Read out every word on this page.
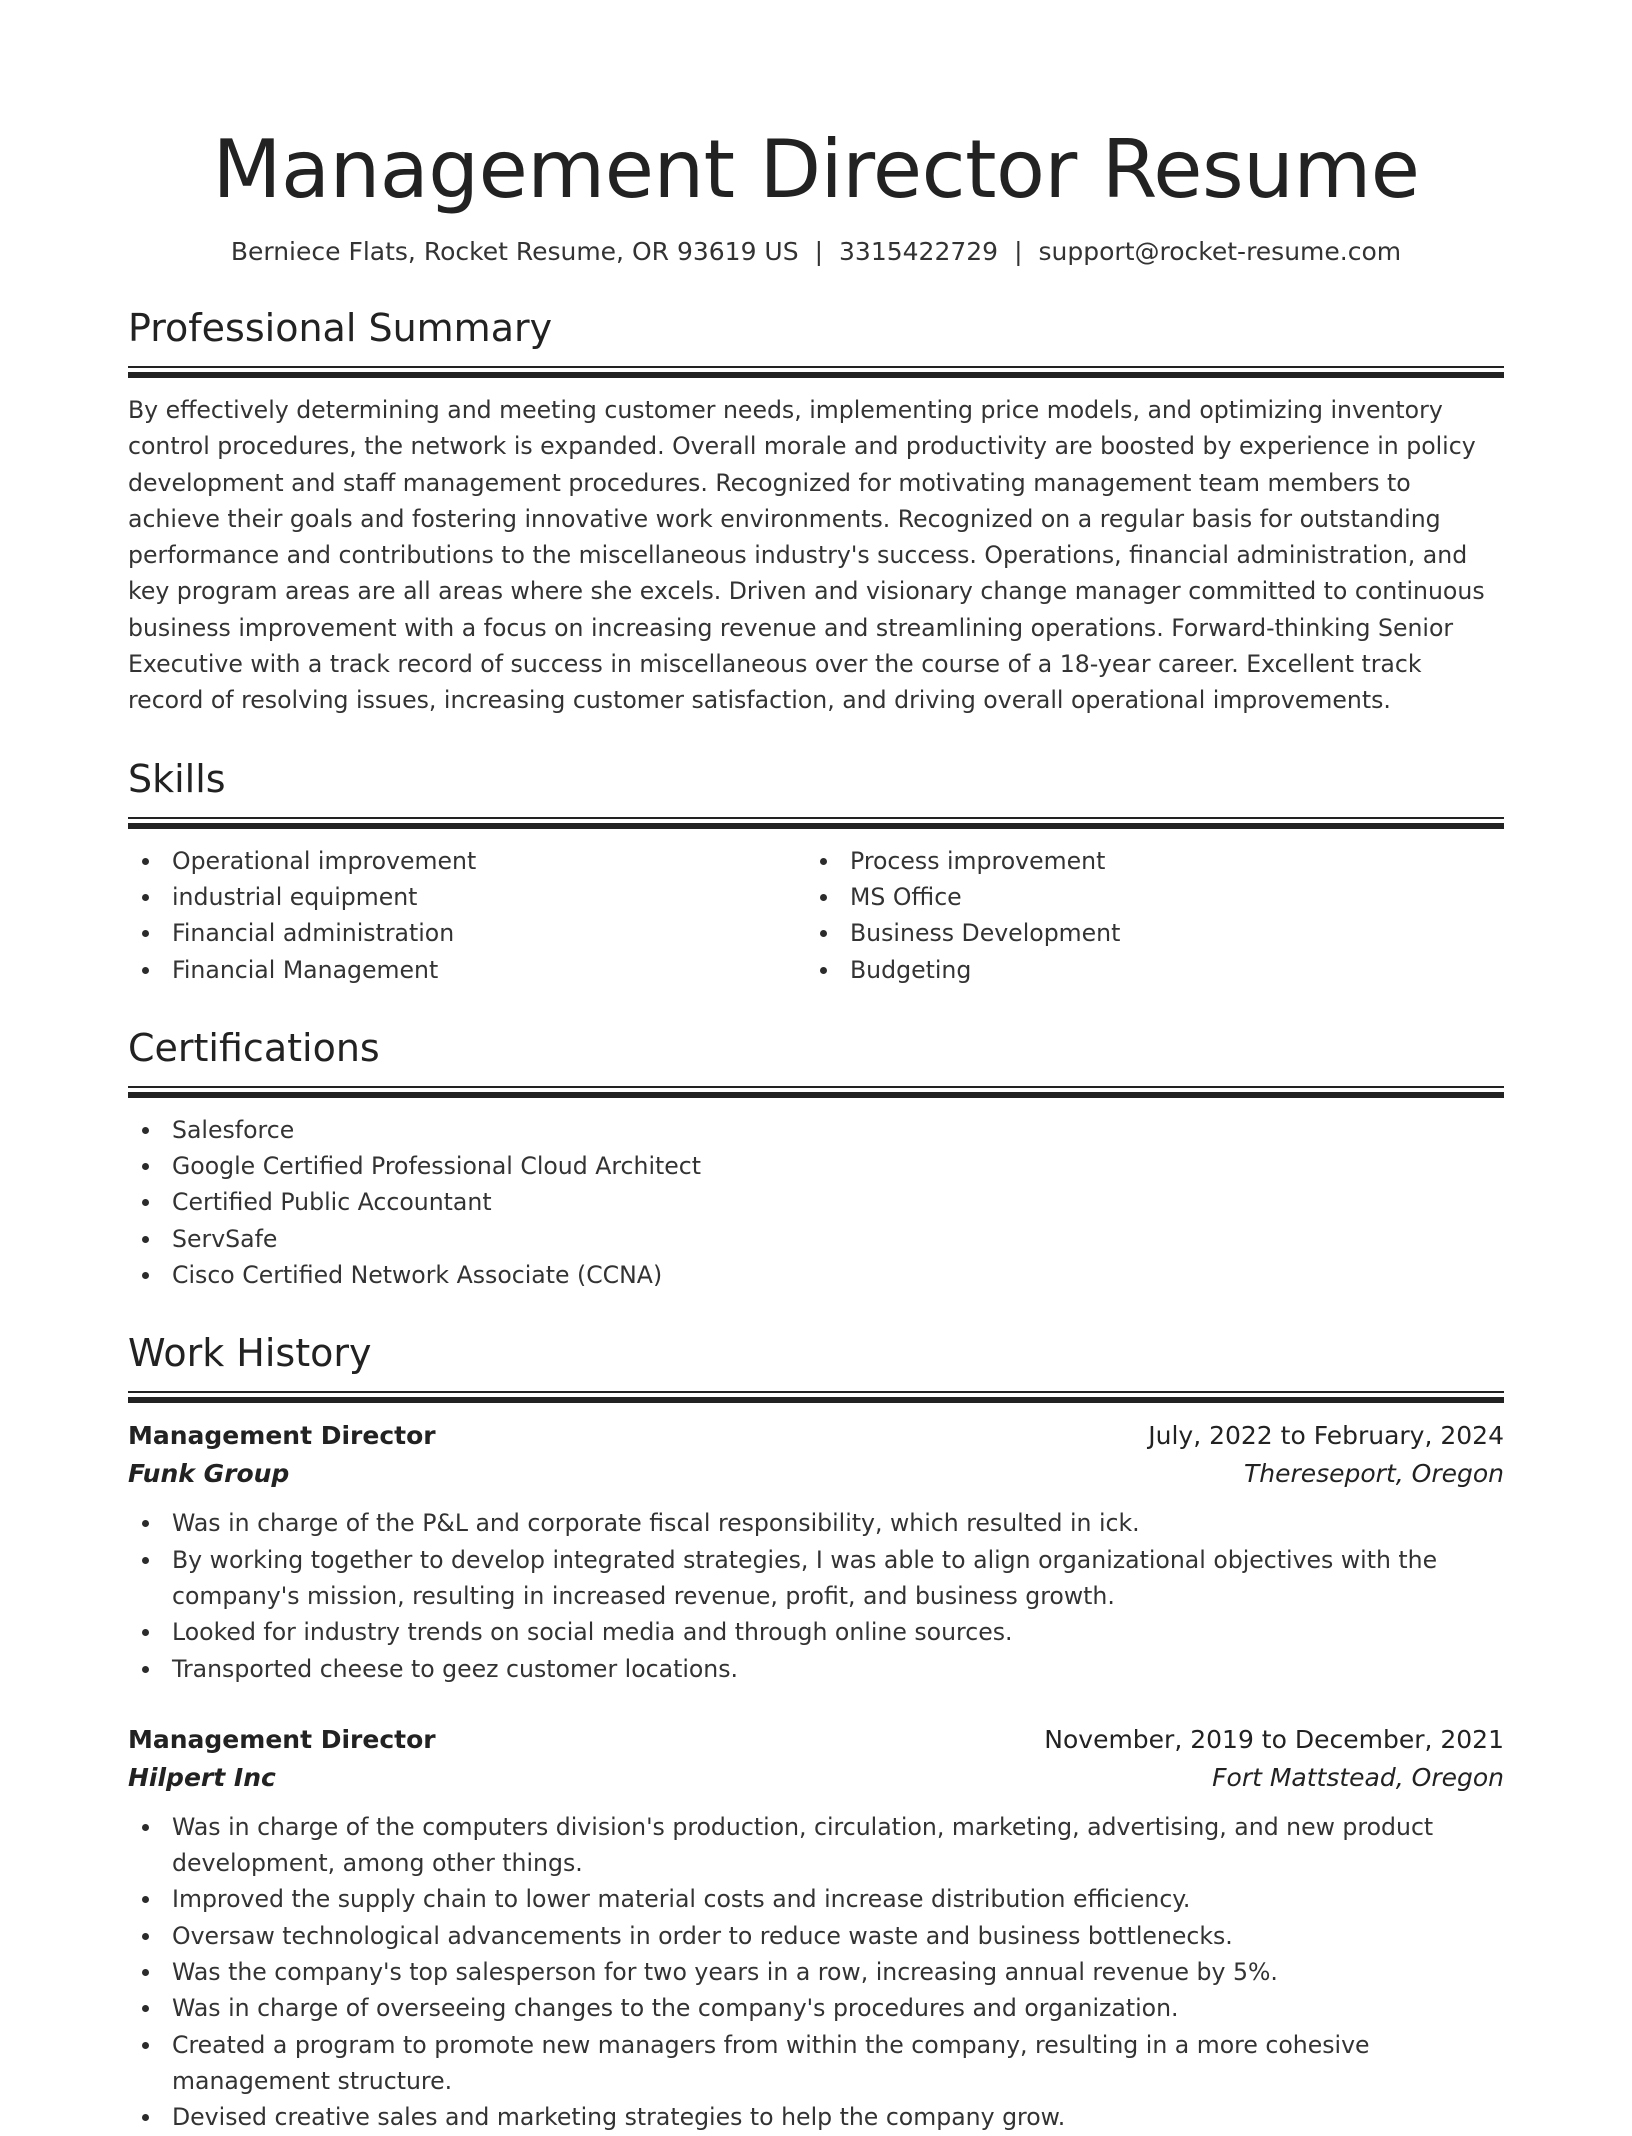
Management Director Resume
Berniece Flats, Rocket Resume, OR 93619 US | 3315422729 | support@rocket-resume.com
Professional Summary
By effectively determining and meeting customer needs, implementing price models, and optimizing inventory control procedures, the network is expanded. Overall morale and productivity are boosted by experience in policy development and staff management procedures. Recognized for motivating management team members to achieve their goals and fostering innovative work environments. Recognized on a regular basis for outstanding performance and contributions to the miscellaneous industry's success. Operations, financial administration, and key program areas are all areas where she excels. Driven and visionary change manager committed to continuous business improvement with a focus on increasing revenue and streamlining operations. Forward-thinking Senior Executive with a track record of success in miscellaneous over the course of a 18-year career. Excellent track record of resolving issues, increasing customer satisfaction, and driving overall operational improvements.
Skills
Operational improvement
industrial equipment
Financial administration
Financial Management
Process improvement
MS Office
Business Development
Budgeting
Certifications
Salesforce
Google Certified Professional Cloud Architect
Certified Public Accountant
ServSafe
Cisco Certified Network Associate (CCNA)
Work History
Management Director	July, 2022 to February, 2024
Funk Group	Thereseport, Oregon
Was in charge of the P&L and corporate fiscal responsibility, which resulted in ick.
By working together to develop integrated strategies, I was able to align organizational objectives with the company's mission, resulting in increased revenue, profit, and business growth.
Looked for industry trends on social media and through online sources.
Transported cheese to geez customer locations.
Management Director	November, 2019 to December, 2021
Hilpert Inc	Fort Mattstead, Oregon
Was in charge of the computers division's production, circulation, marketing, advertising, and new product development, among other things.
Improved the supply chain to lower material costs and increase distribution efficiency.
Oversaw technological advancements in order to reduce waste and business bottlenecks.
Was the company's top salesperson for two years in a row, increasing annual revenue by 5%.
Was in charge of overseeing changes to the company's procedures and organization.
Created a program to promote new managers from within the company, resulting in a more cohesive management structure.
Devised creative sales and marketing strategies to help the company grow.
